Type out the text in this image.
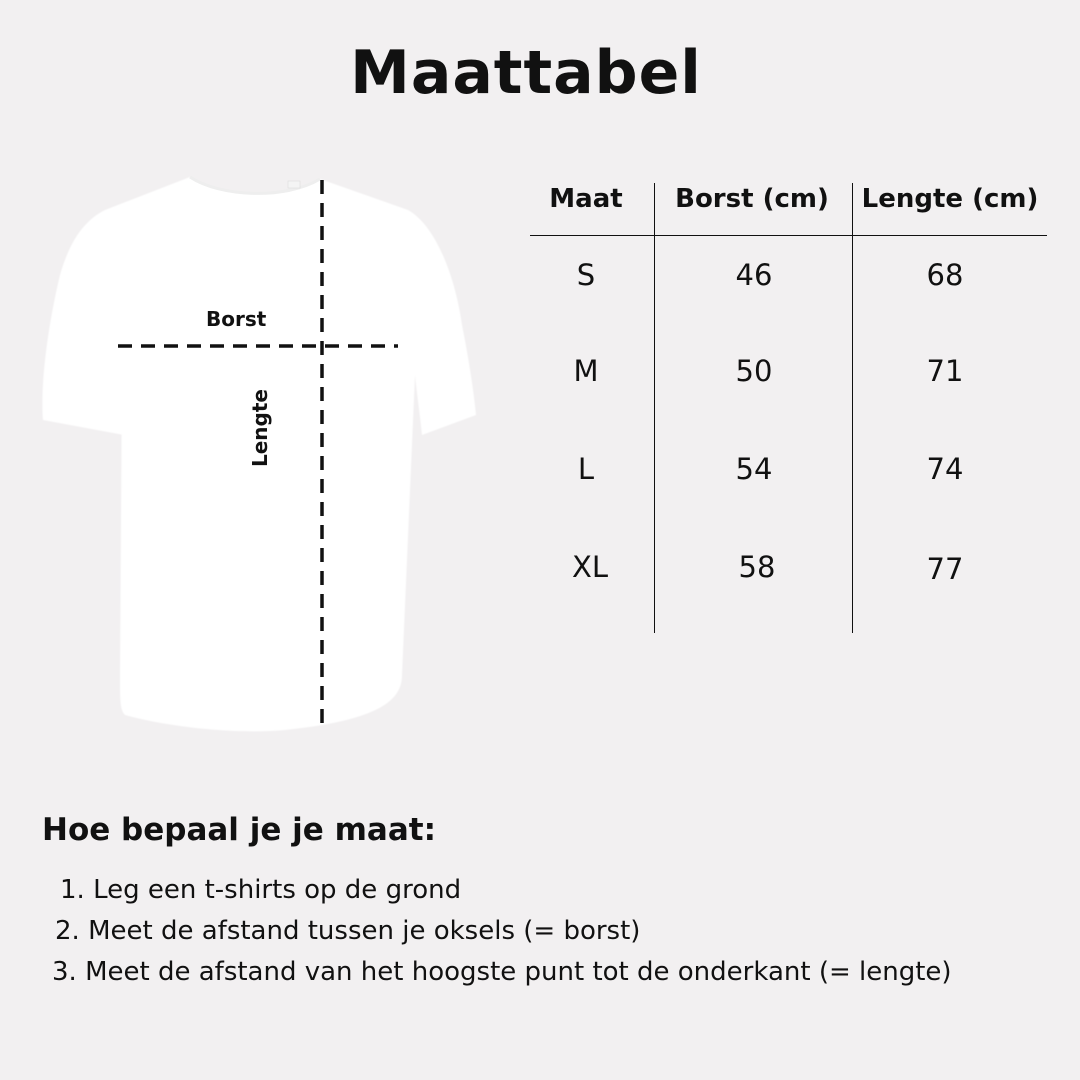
Maattabel
Borst
Lengte
Maat	Borst (cm)	Lengte (cm)
S	46	68
M	50	71
L	54	74
XL	58	77
Hoe bepaal je je maat:
1. Leg een t-shirts op de grond
2. Meet de afstand tussen je oksels (= borst)
3. Meet de afstand van het hoogste punt tot de onderkant (= lengte)
